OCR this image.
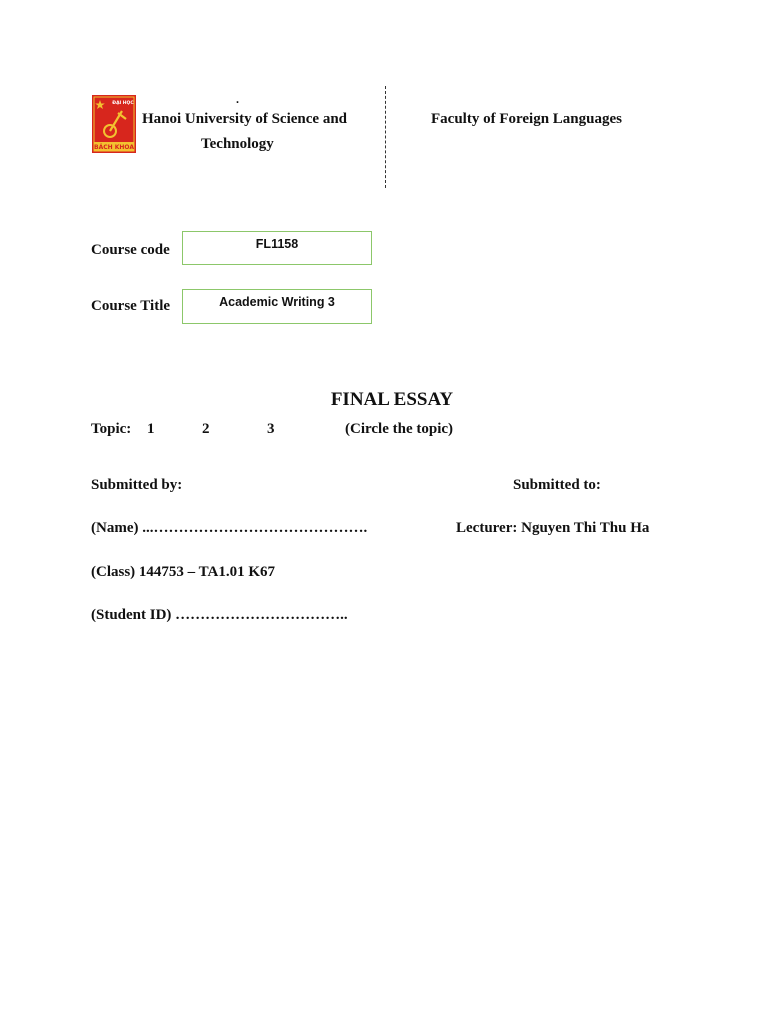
ĐẠI HỌC
BÁCH KHOA
.
Hanoi University of Science and
Technology
Faculty of Foreign Languages
Course code	FL1158
Course Title	Academic Writing 3
FINAL ESSAY
Topic: 1	2	3	(Circle the topic)
Submitted by:	Submitted to:
(Name) ...…………………………………….	Lecturer: Nguyen Thi Thu Ha
(Class) 144753 – TA1.01 K67
(Student ID) ……………………………..
